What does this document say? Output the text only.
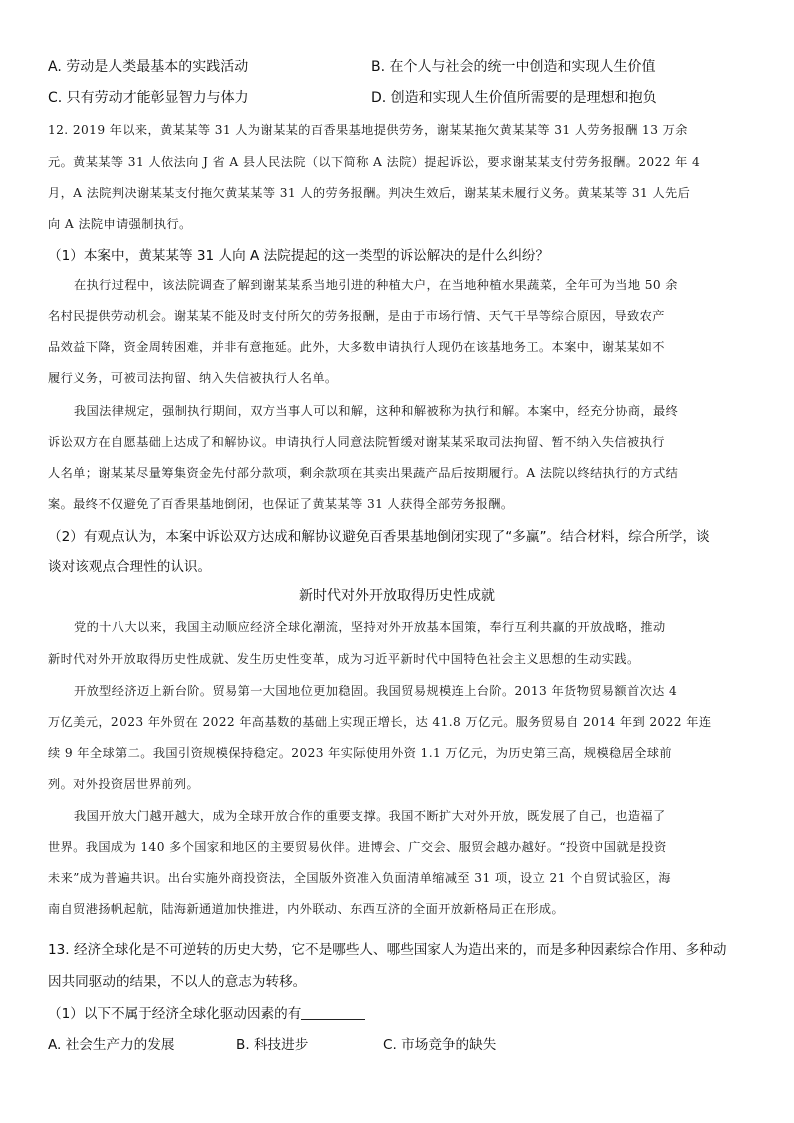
A. 劳动是人类最基本的实践活动	B. 在个人与社会的统一中创造和实现人生价值
C. 只有劳动才能彰显智力与体力	D. 创造和实现人生价值所需要的是理想和抱负
12. 2019 年以来，黄某某等 31 人为谢某某的百香果基地提供劳务，谢某某拖欠黄某某等 31 人劳务报酬 13 万余
元。黄某某等 31 人依法向 J 省 A 县人民法院（以下简称 A 法院）提起诉讼，要求谢某某支付劳务报酬。2022 年 4
月，A 法院判决谢某某支付拖欠黄某某等 31 人的劳务报酬。判决生效后，谢某某未履行义务。黄某某等 31 人先后
向 A 法院申请强制执行。
（1）本案中，黄某某等 31 人向 A 法院提起的这一类型的诉讼解决的是什么纠纷？
在执行过程中，该法院调查了解到谢某某系当地引进的种植大户，在当地种植水果蔬菜，全年可为当地 50 余
名村民提供劳动机会。谢某某不能及时支付所欠的劳务报酬，是由于市场行情、天气干旱等综合原因，导致农产
品效益下降，资金周转困难，并非有意拖延。此外，大多数申请执行人现仍在该基地务工。本案中，谢某某如不
履行义务，可被司法拘留、纳入失信被执行人名单。
我国法律规定，强制执行期间，双方当事人可以和解，这种和解被称为执行和解。本案中，经充分协商，最终
诉讼双方在自愿基础上达成了和解协议。申请执行人同意法院暂缓对谢某某采取司法拘留、暂不纳入失信被执行
人名单；谢某某尽量筹集资金先付部分款项，剩余款项在其卖出果蔬产品后按期履行。A 法院以终结执行的方式结
案。最终不仅避免了百香果基地倒闭，也保证了黄某某等 31 人获得全部劳务报酬。
（2）有观点认为，本案中诉讼双方达成和解协议避免百香果基地倒闭实现了“多赢”。结合材料，综合所学，谈
谈对该观点合理性的认识。
新时代对外开放取得历史性成就
党的十八大以来，我国主动顺应经济全球化潮流，坚持对外开放基本国策，奉行互利共赢的开放战略，推动
新时代对外开放取得历史性成就、发生历史性变革，成为习近平新时代中国特色社会主义思想的生动实践。
开放型经济迈上新台阶。贸易第一大国地位更加稳固。我国贸易规模连上台阶。2013 年货物贸易额首次达 4
万亿美元，2023 年外贸在 2022 年高基数的基础上实现正增长，达 41.8 万亿元。服务贸易自 2014 年到 2022 年连
续 9 年全球第二。我国引资规模保持稳定。2023 年实际使用外资 1.1 万亿元，为历史第三高，规模稳居全球前
列。对外投资居世界前列。
我国开放大门越开越大，成为全球开放合作的重要支撑。我国不断扩大对外开放，既发展了自己，也造福了
世界。我国成为 140 多个国家和地区的主要贸易伙伴。进博会、广交会、服贸会越办越好。“投资中国就是投资
未来”成为普遍共识。出台实施外商投资法，全国版外资准入负面清单缩减至 31 项，设立 21 个自贸试验区，海
南自贸港扬帆起航，陆海新通道加快推进，内外联动、东西互济的全面开放新格局正在形成。
13. 经济全球化是不可逆转的历史大势，它不是哪些人、哪些国家人为造出来的，而是多种因素综合作用、多种动
因共同驱动的结果，不以人的意志为转移。
（1）以下不属于经济全球化驱动因素的有
A. 社会生产力的发展	B. 科技进步	C. 市场竞争的缺失
